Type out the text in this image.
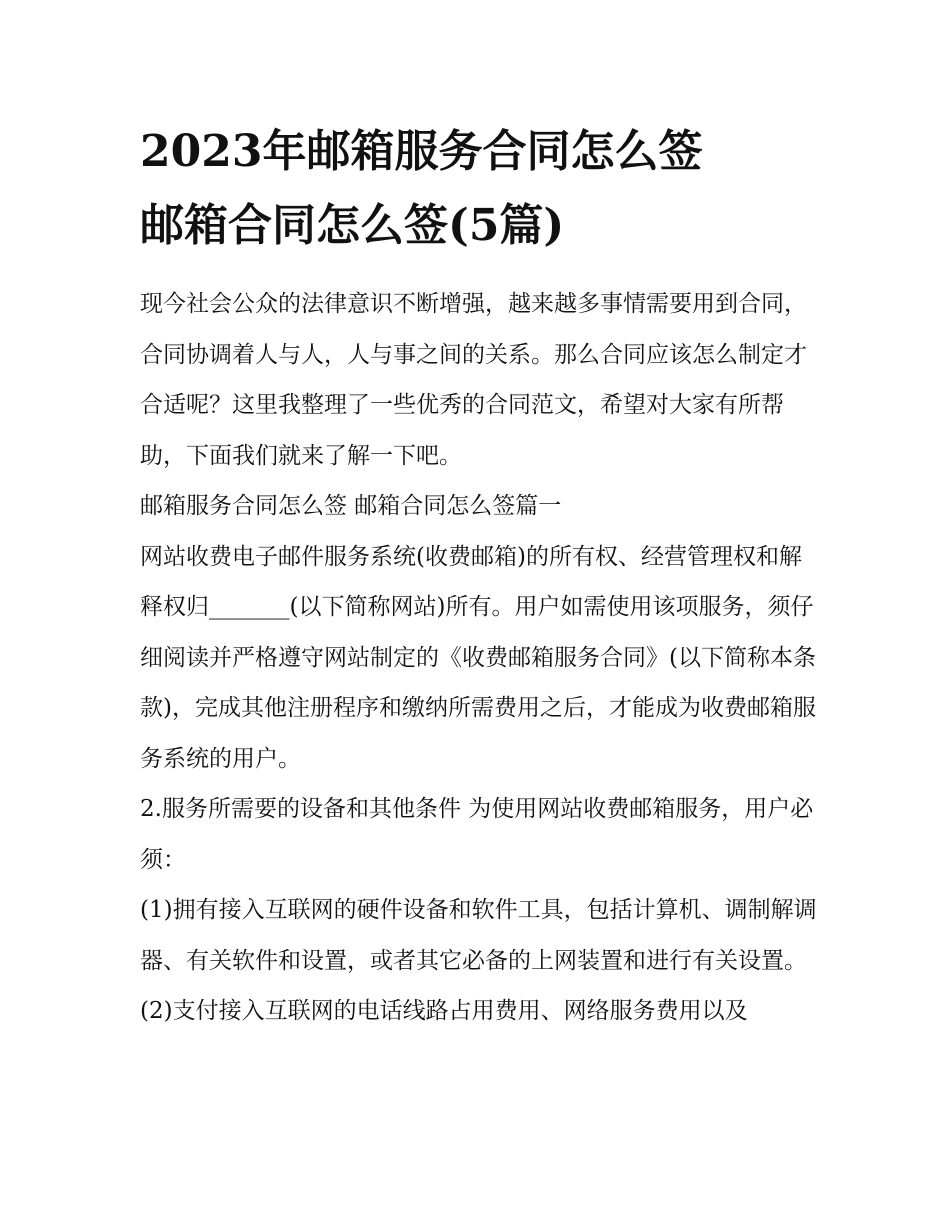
2023年邮箱服务合同怎么签
邮箱合同怎么签(5篇)

现今社会公众的法律意识不断增强，越来越多事情需要用到合同，合同协调着人与人，人与事之间的关系。那么合同应该怎么制定才合适呢？这里我整理了一些优秀的合同范文，希望对大家有所帮助，下面我们就来了解一下吧。

邮箱服务合同怎么签 邮箱合同怎么签篇一

网站收费电子邮件服务系统(收费邮箱)的所有权、经营管理权和解释权归_______(以下简称网站)所有。用户如需使用该项服务，须仔细阅读并严格遵守网站制定的《收费邮箱服务合同》(以下简称本条款)，完成其他注册程序和缴纳所需费用之后，才能成为收费邮箱服务系统的用户。

2.服务所需要的设备和其他条件 为使用网站收费邮箱服务，用户必须：

(1)拥有接入互联网的硬件设备和软件工具，包括计算机、调制解调器、有关软件和设置，或者其它必备的上网装置和进行有关设置。

(2)支付接入互联网的电话线路占用费用、网络服务费用以及
